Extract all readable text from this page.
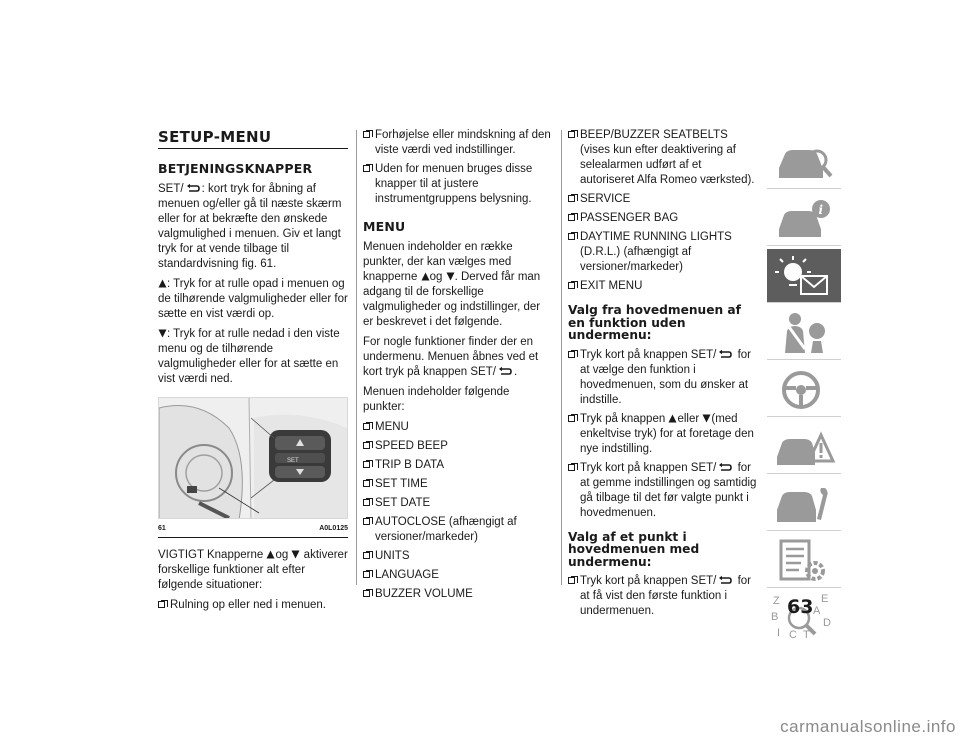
SETUP-MENU
BETJENINGSKNAPPER

SET/ : kort tryk for åbning af menuen og/eller gå til næste skærm eller for at bekræfte den ønskede valgmulighed i menuen. Giv et langt tryk for at vende tilbage til standardvisning fig. 61.

: Tryk for at rulle opad i menuen og de tilhørende valgmuligheder eller for sætte en vist værdi op.

: Tryk for at rulle nedad i den viste menu og de tilhørende valgmuligheder eller for at sætte en vist værdi ned.

SET
61	A0L0125

VIGTIGT Knapperne og aktiverer forskellige funktioner alt efter følgende situationer:

Rulning op eller ned i menuen.
Forhøjelse eller mindskning af den viste værdi ved indstillinger.
Uden for menuen bruges disse knapper til at justere instrumentgruppens belysning.
MENU

Menuen indeholder en række punkter, der kan vælges med knapperne og . Derved får man adgang til de forskellige valgmuligheder og indstillinger, der er beskrevet i det følgende.

For nogle funktioner finder der en undermenu. Menuen åbnes ved et kort tryk på knappen SET/ .

Menuen indeholder følgende punkter:

MENU
SPEED BEEP
TRIP B DATA
SET TIME
SET DATE
AUTOCLOSE (afhængigt af versioner/markeder)
UNITS
LANGUAGE
BUZZER VOLUME
BEEP/BUZZER SEATBELTS (vises kun efter deaktivering af selealarmen udført af et autoriseret Alfa Romeo værksted).
SERVICE
PASSENGER BAG
DAYTIME RUNNING LIGHTS (D.R.L.) (afhængigt af versioner/markeder)
EXIT MENU
Valg fra hovedmenuen af en funktion uden undermenu:
Tryk kort på knappen SET/ for at vælge den funktion i hovedmenuen, som du ønsker at indstille.
Tryk på knappen eller (med enkeltvise tryk) for at foretage den nye indstilling.
Tryk kort på knappen SET/ for at gemme indstillingen og samtidig gå tilbage til det før valgte punkt i hovedmenuen.
Valg af et punkt i hovedmenuen med undermenu:
Tryk kort på knappen SET/ for at få vist den første funktion i undermenuen.
i
Z	E
B	A
D
I C T
63
carmanualsonline.info
